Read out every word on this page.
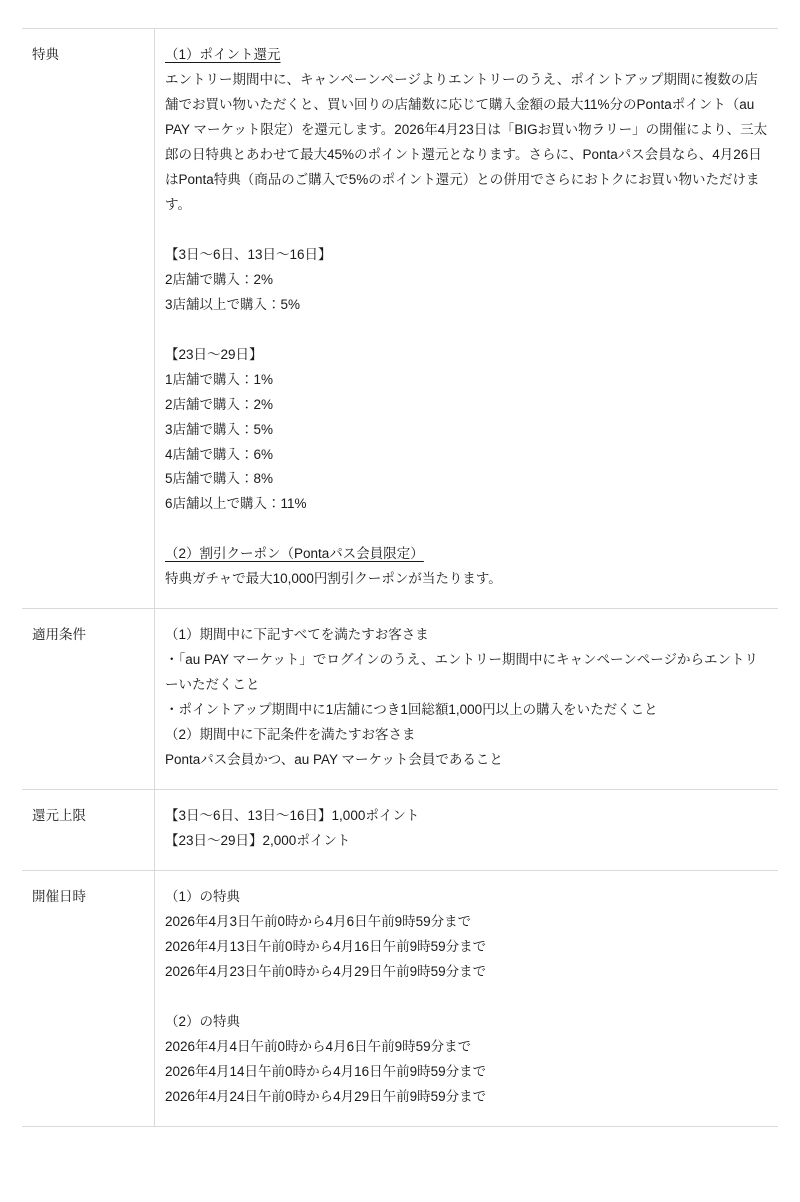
特典	（1）ポイント還元

エントリー期間中に、キャンペーンページよりエントリーのうえ、ポイントアップ期間に複数の店舗でお買い物いただくと、買い回りの店舗数に応じて購入金額の最大11%分のPontaポイント（au PAY マーケット限定）を還元します。2026年4月23日は「BIGお買い物ラリー」の開催により、三太郎の日特典とあわせて最大45%のポイント還元となります。さらに、Pontaパス会員なら、4月26日はPonta特典（商品のご購入で5%のポイント還元）との併用でさらにおトクにお買い物いただけます。

【3日〜6日、13日〜16日】

2店舗で購入：2%

3店舗以上で購入：5%

【23日〜29日】

1店舗で購入：1%

2店舗で購入：2%

3店舗で購入：5%

4店舗で購入：6%

5店舗で購入：8%

6店舗以上で購入：11%

（2）割引クーポン（Pontaパス会員限定）

特典ガチャで最大10,000円割引クーポンが当たります。

適用条件	（1）期間中に下記すべてを満たすお客さま

・「au PAY マーケット」でログインのうえ、エントリー期間中にキャンペーンページからエントリーいただくこと

・ポイントアップ期間中に1店舗につき1回総額1,000円以上の購入をいただくこと

（2）期間中に下記条件を満たすお客さま

Pontaパス会員かつ、au PAY マーケット会員であること

還元上限	【3日〜6日、13日〜16日】1,000ポイント

【23日〜29日】2,000ポイント

開催日時	（1）の特典

2026年4月3日午前0時から4月6日午前9時59分まで

2026年4月13日午前0時から4月16日午前9時59分まで

2026年4月23日午前0時から4月29日午前9時59分まで

（2）の特典

2026年4月4日午前0時から4月6日午前9時59分まで

2026年4月14日午前0時から4月16日午前9時59分まで

2026年4月24日午前0時から4月29日午前9時59分まで
